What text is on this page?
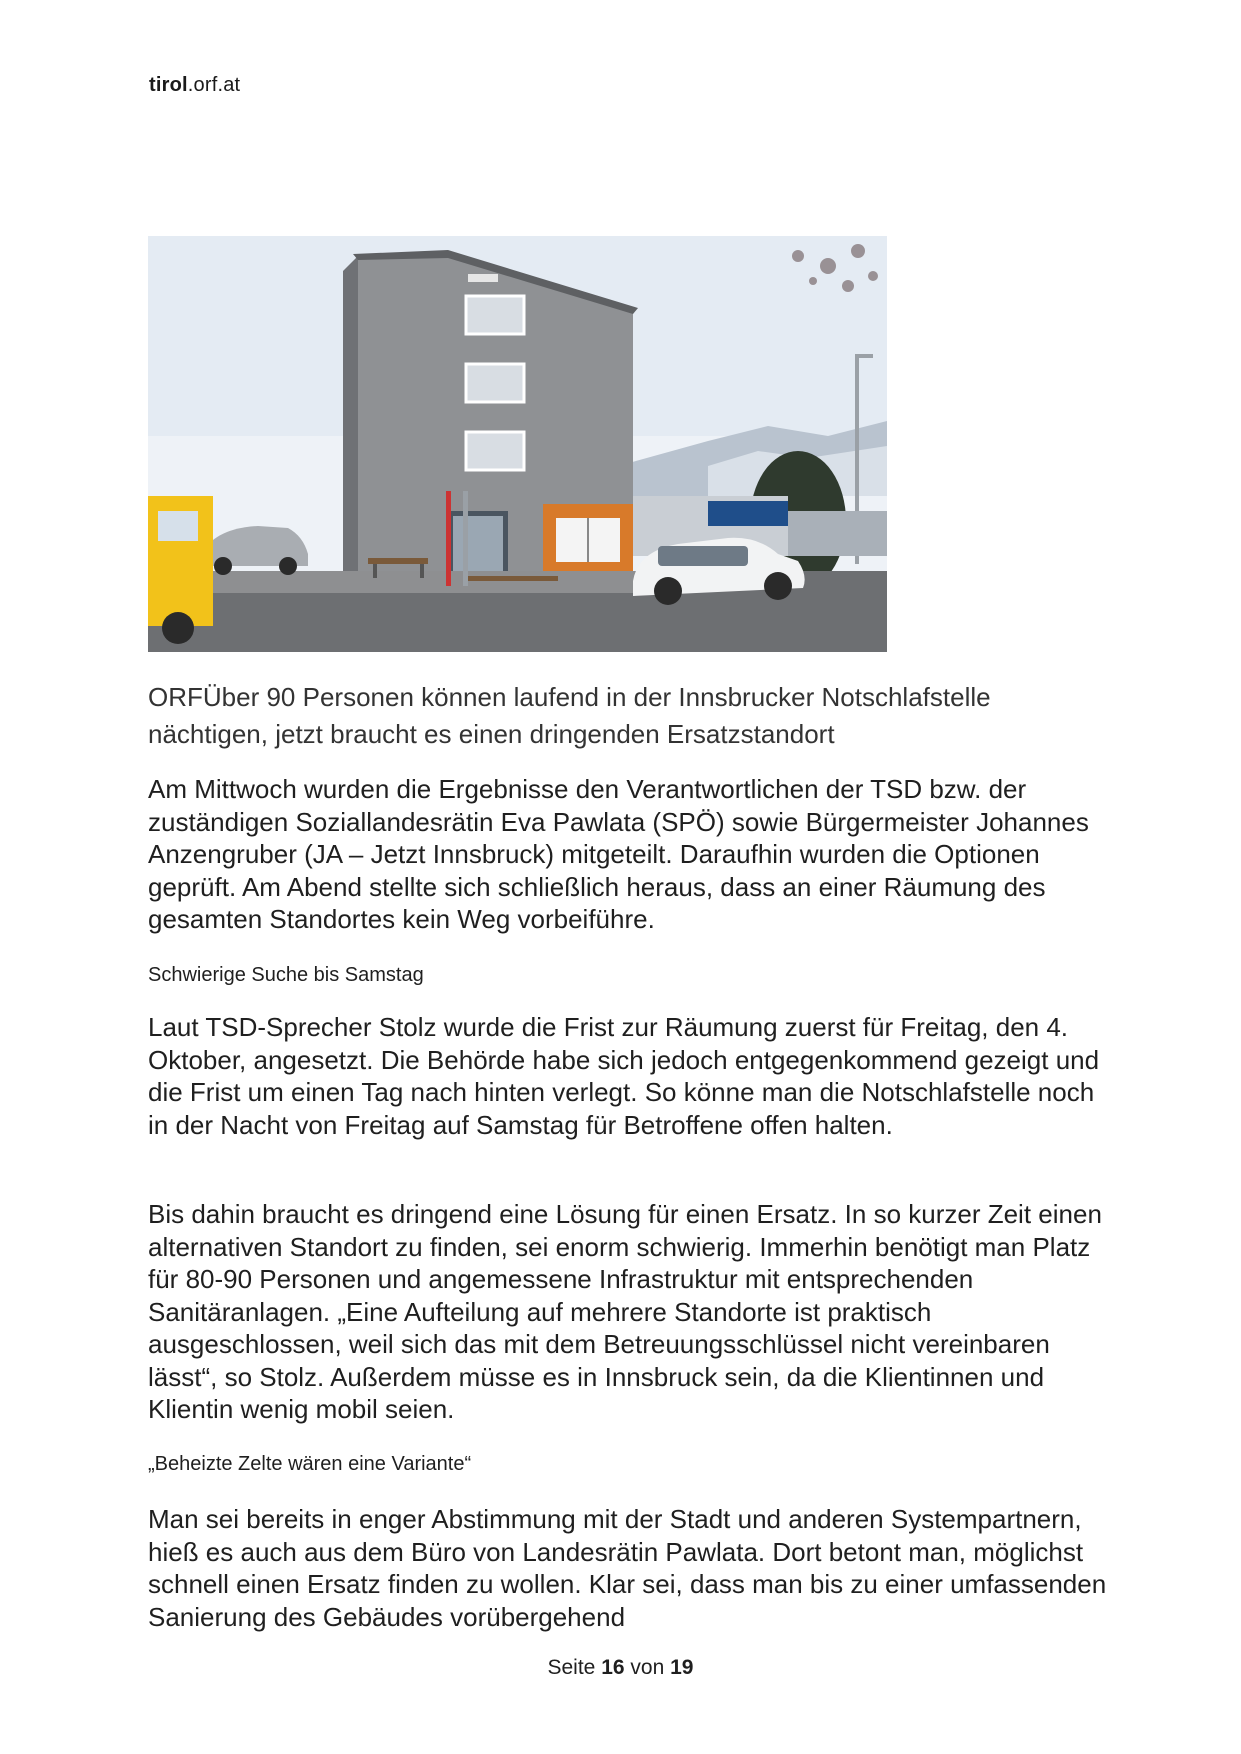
tirol.orf.at
ORFÜber 90 Personen können laufend in der Innsbrucker Notschlafstelle nächtigen, jetzt braucht es einen dringenden Ersatzstandort
Am Mittwoch wurden die Ergebnisse den Verantwortlichen der TSD bzw. der zuständigen Soziallandesrätin Eva Pawlata (SPÖ) sowie Bürgermeister Johannes Anzengruber (JA – Jetzt Innsbruck) mitgeteilt. Daraufhin wurden die Optionen geprüft. Am Abend stellte sich schließlich heraus, dass an einer Räumung des gesamten Standortes kein Weg vorbeiführe.
Schwierige Suche bis Samstag
Laut TSD-Sprecher Stolz wurde die Frist zur Räumung zuerst für Freitag, den 4. Oktober, angesetzt. Die Behörde habe sich jedoch entgegenkommend gezeigt und die Frist um einen Tag nach hinten verlegt. So könne man die Notschlafstelle noch in der Nacht von Freitag auf Samstag für Betroffene offen halten.
Bis dahin braucht es dringend eine Lösung für einen Ersatz. In so kurzer Zeit einen alternativen Standort zu finden, sei enorm schwierig. Immerhin benötigt man Platz für 80-90 Personen und angemessene Infrastruktur mit entsprechenden Sanitäranlagen. „Eine Aufteilung auf mehrere Standorte ist praktisch ausgeschlossen, weil sich das mit dem Betreuungsschlüssel nicht vereinbaren lässt“, so Stolz. Außerdem müsse es in Innsbruck sein, da die Klientinnen und Klientin wenig mobil seien.
„Beheizte Zelte wären eine Variante“
Man sei bereits in enger Abstimmung mit der Stadt und anderen Systempartnern, hieß es auch aus dem Büro von Landesrätin Pawlata. Dort betont man, möglichst schnell einen Ersatz finden zu wollen. Klar sei, dass man bis zu einer umfassenden Sanierung des Gebäudes vorübergehend
Seite 16 von 19
